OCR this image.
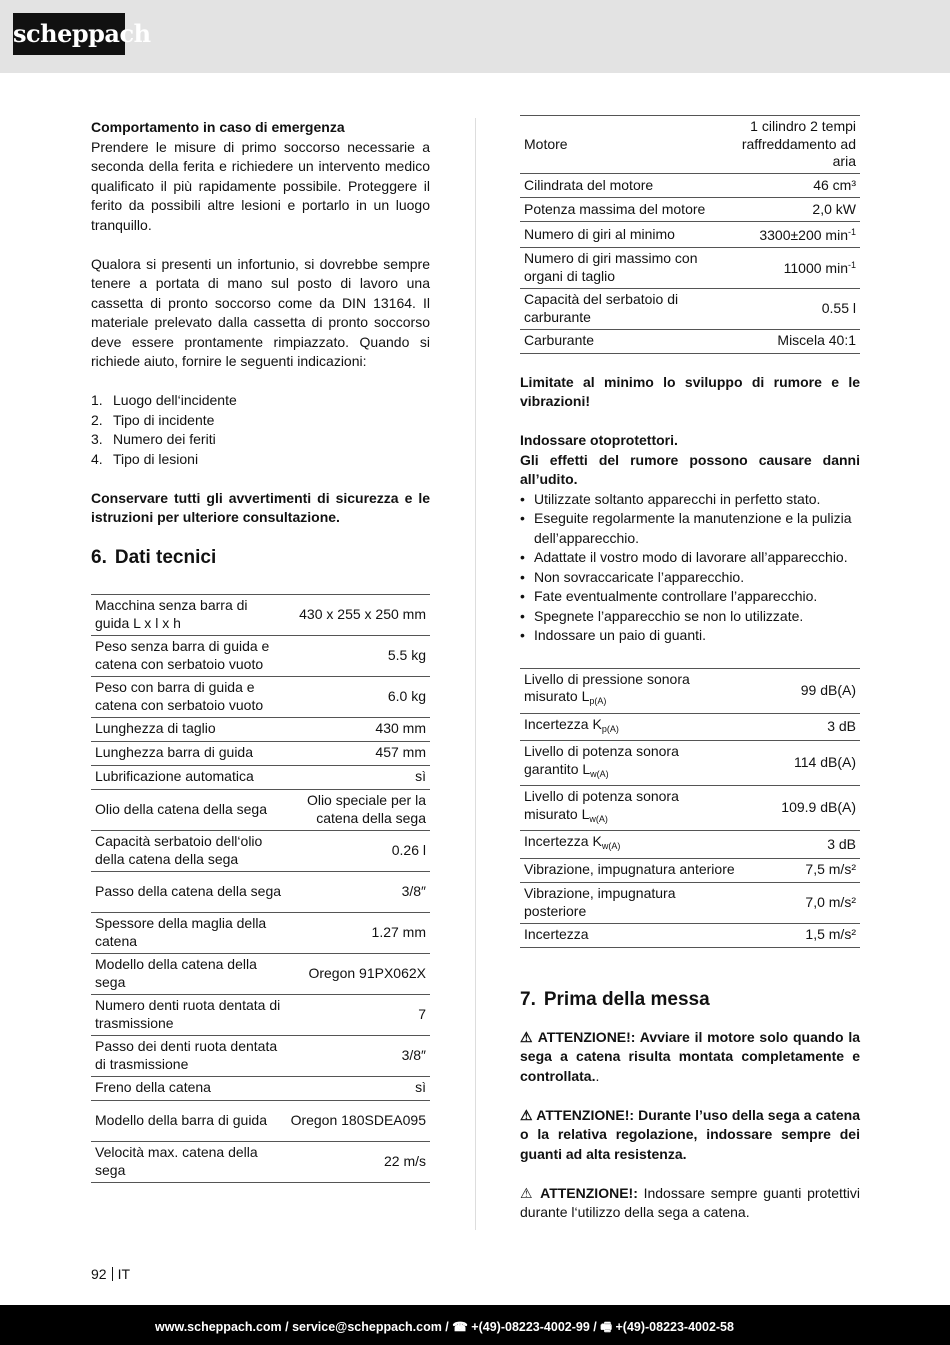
scheppach

Comportamento in caso di emergenza

Prendere le misure di primo soccorso necessarie a seconda della ferita e richiedere un intervento medico qualificato il più rapidamente possibile. Proteggere il ferito da possibili altre lesioni e portarlo in un luogo tranquillo.

Qualora si presenti un infortunio, si dovrebbe sempre tenere a portata di mano sul posto di lavoro una cassetta di pronto soccorso come da DIN 13164. Il materiale prelevato dalla cassetta di pronto soccorso deve essere prontamente rimpiazzato. Quando si richiede aiuto, fornire le seguenti indicazioni:

1. Luogo dell‘incidente
2. Tipo di incidente
3. Numero dei feriti
4. Tipo di lesioni

Conservare tutti gli avvertimenti di sicurezza e le istruzioni per ulteriore consultazione.

6. Dati tecnici
Macchina senza barra di guida L x l x h	430 x 255 x 250 mm
Peso senza barra di guida e catena con serbatoio vuoto	5.5 kg
Peso con barra di guida e catena con serbatoio vuoto	6.0 kg
Lunghezza di taglio	430 mm
Lunghezza barra di guida	457 mm
Lubrificazione automatica	sì
Olio della catena della sega	Olio speciale per la catena della sega
Capacità serbatoio dell‘olio della catena della sega	0.26 l
Passo della catena della sega	3/8″
Spessore della maglia della catena	1.27 mm
Modello della catena della sega	Oregon 91PX062X
Numero denti ruota dentata di trasmissione	7
Passo dei denti ruota dentata di trasmissione	3/8″
Freno della catena	sì
Modello della barra di guida	Oregon 180SDEA095
Velocità max. catena della sega	22 m/s
Motore	1 cilindro 2 tempi raffreddamento ad aria
Cilindrata del motore	46 cm³
Potenza massima del motore	2,0 kW
Numero di giri al minimo	3300±200 $\min^{-1}$
Numero di giri massimo con organi di taglio	11000 $\min^{-1}$
Capacità del serbatoio di carburante	0.55 l
Carburante	Miscela 40:1

Limitate al minimo lo sviluppo di rumore e le vibrazioni!

Indossare otoprotettori.

Gli effetti del rumore possono causare danni all’udito.

• Utilizzate soltanto apparecchi in perfetto stato.
• Eseguite regolarmente la manutenzione e la pulizia dell’apparecchio.
• Adattate il vostro modo di lavorare all’apparecchio.
• Non sovraccaricate l’apparecchio.
• Fate eventualmente controllare l’apparecchio.
• Spegnete l’apparecchio se non lo utilizzate.
• Indossare un paio di guanti.
Livello di pressione sonora misurato $L_{p(A)}$	99 dB(A)
Incertezza $K_{p(A)}$	3 dB
Livello di potenza sonora garantito $L_{w(A)}$	114 dB(A)
Livello di potenza sonora misurato $L_{w(A)}$	109.9 dB(A)
Incertezza $K_{w(A)}$	3 dB
Vibrazione, impugnatura anteriore	7,5 m/s²
Vibrazione, impugnatura posteriore	7,0 m/s²
Incertezza	1,5 m/s²
7. Prima della messa

⚠ ATTENZIONE!: Avviare il motore solo quando la sega a catena risulta montata completamente e controllata..

⚠ ATTENZIONE!: Durante l’uso della sega a catena o la relativa regolazione, indossare sempre dei guanti ad alta resistenza.

⚠ ATTENZIONE!: Indossare sempre guanti protettivi durante l‘utilizzo della sega a catena.

92 IT
www.scheppach.com / service@scheppach.com / ☎ +(49)-08223-4002-99 / 🖷 +(49)-08223-4002-58
